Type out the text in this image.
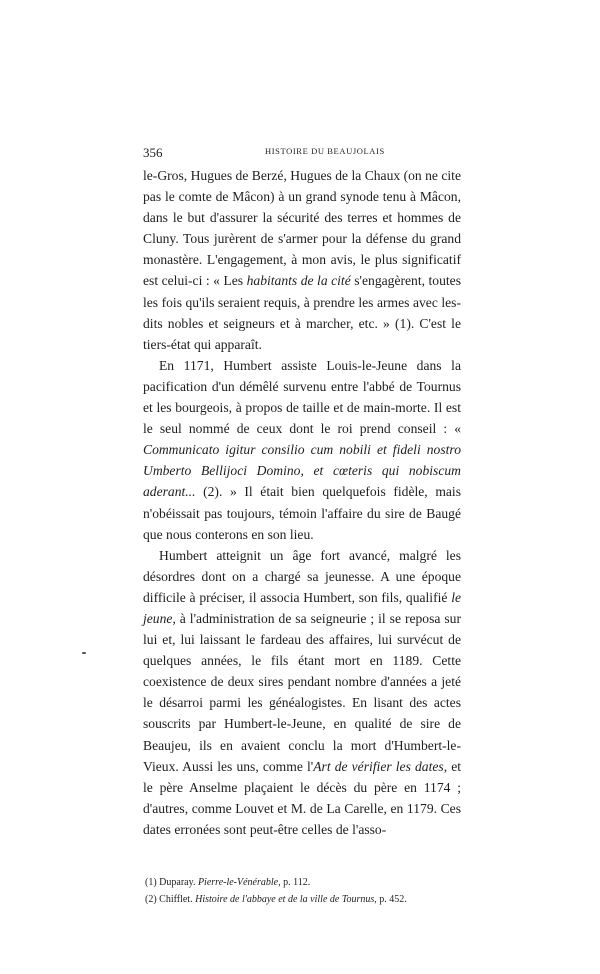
356	HISTOIRE DU BEAUJOLAIS

le-Gros, Hugues de Berzé, Hugues de la Chaux (on ne cite pas le comte de Mâcon) à un grand synode tenu à Mâcon, dans le but d'assurer la sécurité des terres et hommes de Cluny. Tous jurèrent de s'armer pour la défense du grand monastère. L'engagement, à mon avis, le plus significatif est celui-ci : « Les habitants de la cité s'engagèrent, toutes les fois qu'ils seraient requis, à prendre les armes avec les-dits nobles et seigneurs et à marcher, etc. » (1). C'est le tiers-état qui apparaît.

En 1171, Humbert assiste Louis-le-Jeune dans la pacification d'un démêlé survenu entre l'abbé de Tournus et les bourgeois, à propos de taille et de main-morte. Il est le seul nommé de ceux dont le roi prend conseil : « Communicato igitur consilio cum nobili et fideli nostro Umberto Bellijoci Domino, et cœteris qui nobiscum aderant... (2). » Il était bien quelquefois fidèle, mais n'obéissait pas toujours, témoin l'affaire du sire de Baugé que nous conterons en son lieu.

Humbert atteignit un âge fort avancé, malgré les désordres dont on a chargé sa jeunesse. A une époque difficile à préciser, il associa Humbert, son fils, qualifié le jeune, à l'administration de sa seigneurie ; il se reposa sur lui et, lui laissant le fardeau des affaires, lui survécut de quelques années, le fils étant mort en 1189. Cette coexistence de deux sires pendant nombre d'années a jeté le désarroi parmi les généalogistes. En lisant des actes souscrits par Humbert-le-Jeune, en qualité de sire de Beaujeu, ils en avaient conclu la mort d'Humbert-le-Vieux. Aussi les uns, comme l'Art de vérifier les dates, et le père Anselme plaçaient le décès du père en 1174 ; d'autres, comme Louvet et M. de La Carelle, en 1179. Ces dates erronées sont peut-être celles de l'asso-

(1) Duparay. Pierre-le-Vénérable, p. 112.
(2) Chifflet. Histoire de l'abbaye et de la ville de Tournus, p. 452.
